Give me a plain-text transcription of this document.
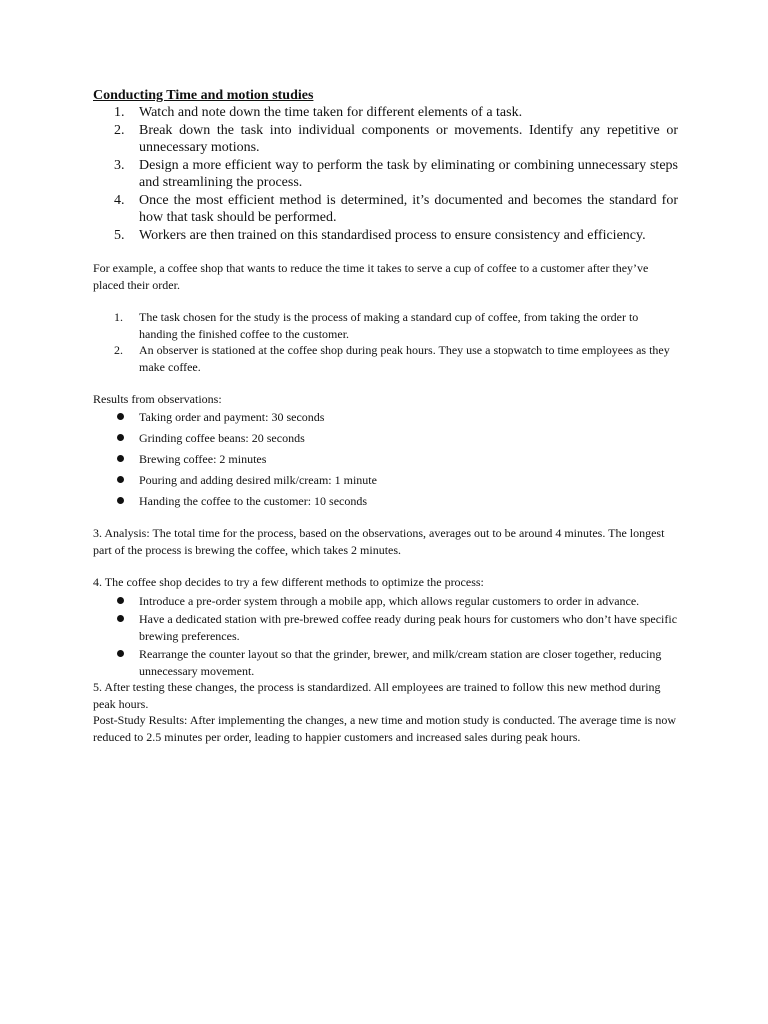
Conducting Time and motion studies
1. Watch and note down the time taken for different elements of a task.
2. Break down the task into individual components or movements. Identify any repetitive or unnecessary motions.
3. Design a more efficient way to perform the task by eliminating or combining unnecessary steps and streamlining the process.
4. Once the most efficient method is determined, it’s documented and becomes the standard for how that task should be performed.
5. Workers are then trained on this standardised process to ensure consistency and efficiency.

For example, a coffee shop that wants to reduce the time it takes to serve a cup of coffee to a customer after they’ve placed their order.

1. The task chosen for the study is the process of making a standard cup of coffee, from taking the order to handing the finished coffee to the customer.
2. An observer is stationed at the coffee shop during peak hours. They use a stopwatch to time employees as they make coffee.

Results from observations:

Taking order and payment: 30 seconds
Grinding coffee beans: 20 seconds
Brewing coffee: 2 minutes
Pouring and adding desired milk/cream: 1 minute
Handing the coffee to the customer: 10 seconds

3. Analysis: The total time for the process, based on the observations, averages out to be around 4 minutes. The longest part of the process is brewing the coffee, which takes 2 minutes.

4. The coffee shop decides to try a few different methods to optimize the process:

Introduce a pre-order system through a mobile app, which allows regular customers to order in advance.
Have a dedicated station with pre-brewed coffee ready during peak hours for customers who don’t have specific brewing preferences.
Rearrange the counter layout so that the grinder, brewer, and milk/cream station are closer together, reducing unnecessary movement.

5. After testing these changes, the process is standardized. All employees are trained to follow this new method during peak hours.

Post-Study Results: After implementing the changes, a new time and motion study is conducted. The average time is now reduced to 2.5 minutes per order, leading to happier customers and increased sales during peak hours.
